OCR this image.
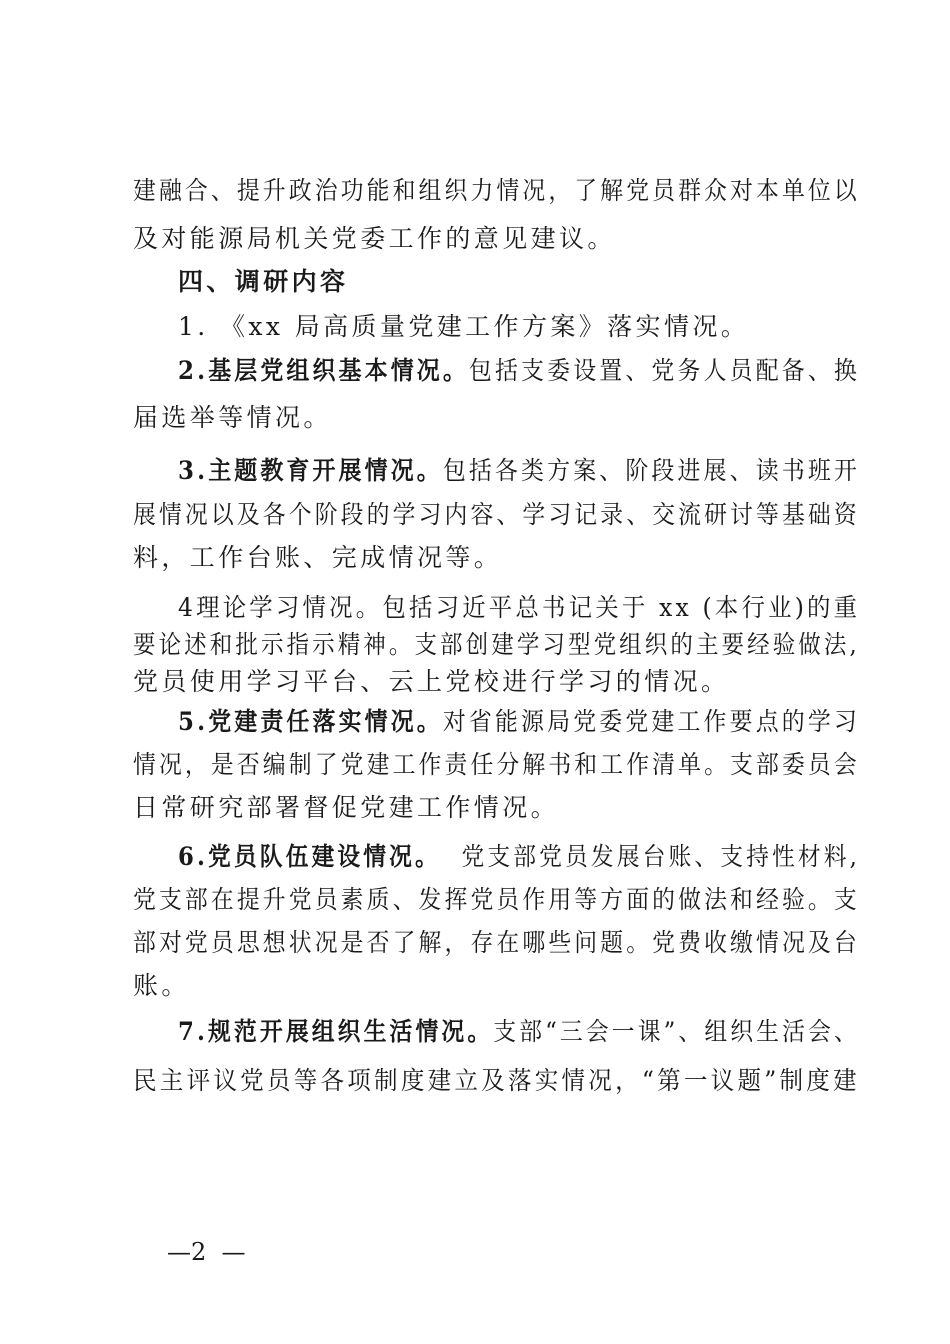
建融合、提升政治功能和组织力情况，了解党员群众对本单位以
及对能源局机关党委工作的意见建议。
四、调研内容
1. 《xx 局高质量党建工作方案》落实情况。
2.基层党组织基本情况。包括支委设置、党务人员配备、换
届选举等情况。
3.主题教育开展情况。包括各类方案、阶段进展、读书班开
展情况以及各个阶段的学习内容、学习记录、交流研讨等基础资
料，工作台账、完成情况等。
4理论学习情况。包括习近平总书记关于 xx (本行业)的重
要论述和批示指示精神。支部创建学习型党组织的主要经验做法,
党员使用学习平台、云上党校进行学习的情况。
5.党建责任落实情况。对省能源局党委党建工作要点的学习
情况，是否编制了党建工作责任分解书和工作清单。支部委员会
日常研究部署督促党建工作情况。
6.党员队伍建设情况。  党支部党员发展台账、支持性材料,
党支部在提升党员素质、发挥党员作用等方面的做法和经验。支
部对党员思想状况是否了解，存在哪些问题。党费收缴情况及台
账。
7.规范开展组织生活情况。支部“三会一课”、组织生活会、
民主评议党员等各项制度建立及落实情况，“第一议题”制度建
—2  —
